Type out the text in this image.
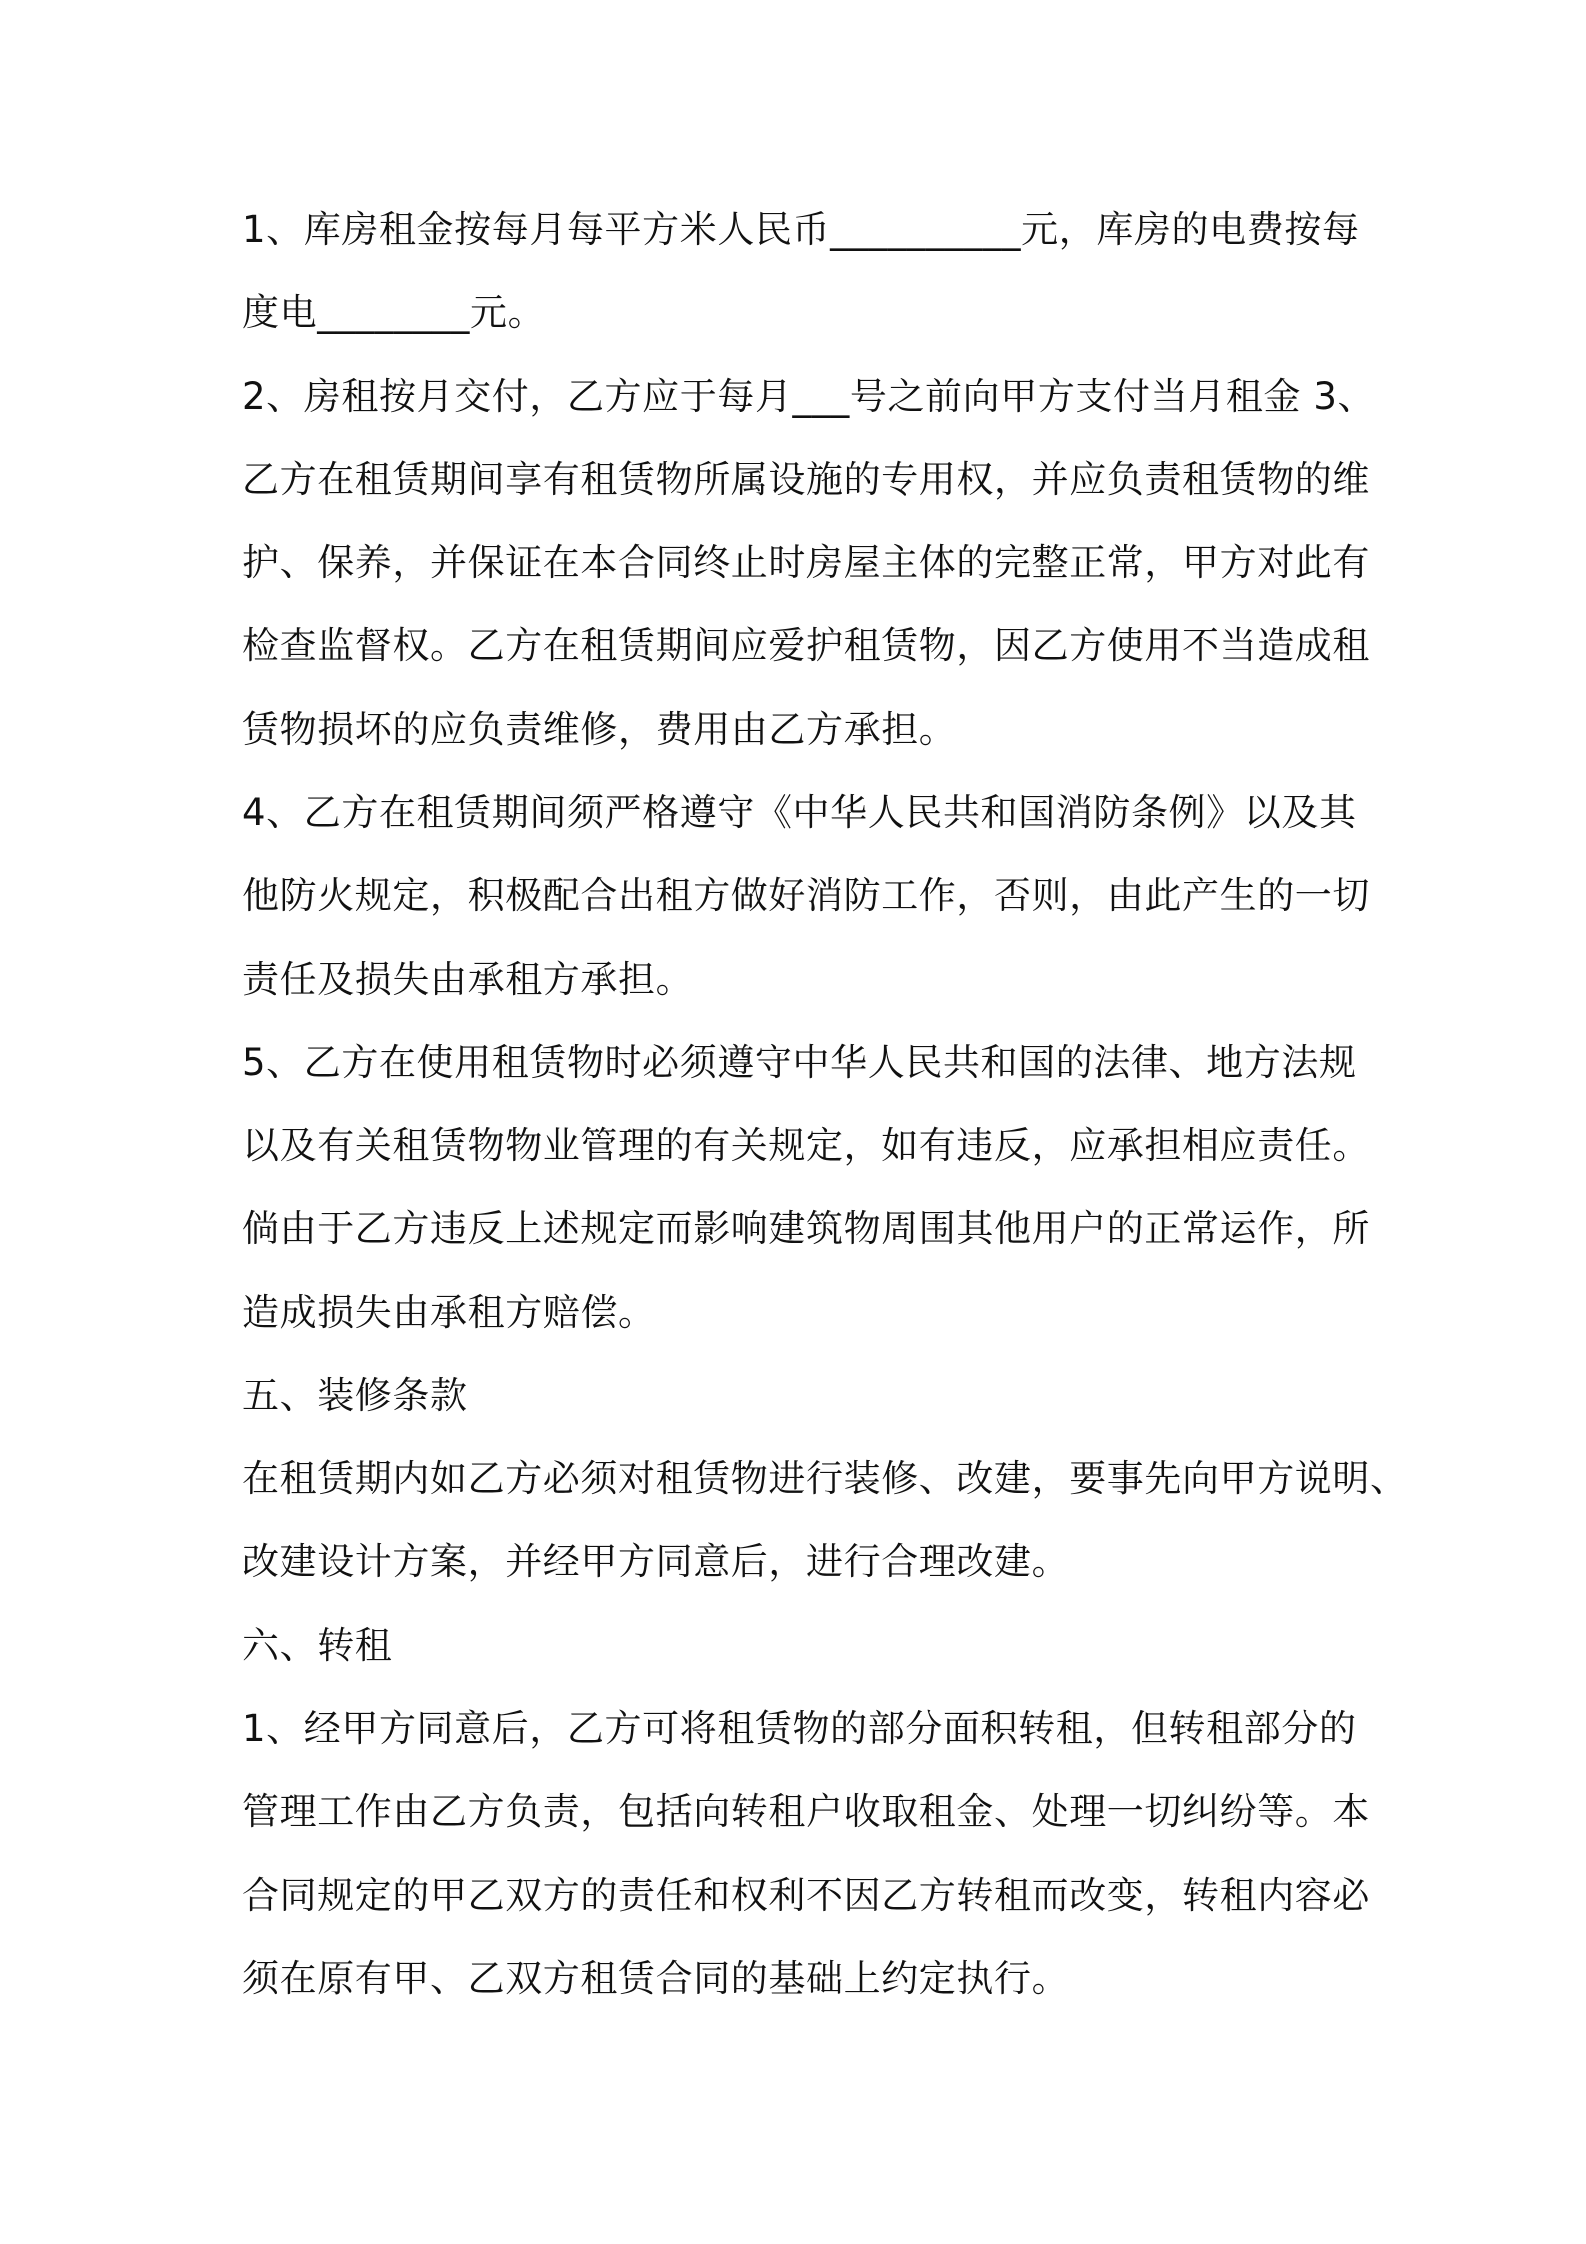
1、库房租金按每月每平方米人民币__________元，库房的电费按每
度电________元。
2、房租按月交付，乙方应于每月___号之前向甲方支付当月租金 3、
乙方在租赁期间享有租赁物所属设施的专用权，并应负责租赁物的维
护、保养，并保证在本合同终止时房屋主体的完整正常，甲方对此有
检查监督权。乙方在租赁期间应爱护租赁物，因乙方使用不当造成租
赁物损坏的应负责维修，费用由乙方承担。
4、乙方在租赁期间须严格遵守《中华人民共和国消防条例》以及其
他防火规定，积极配合出租方做好消防工作，否则，由此产生的一切
责任及损失由承租方承担。
5、乙方在使用租赁物时必须遵守中华人民共和国的法律、地方法规
以及有关租赁物物业管理的有关规定，如有违反，应承担相应责任。
倘由于乙方违反上述规定而影响建筑物周围其他用户的正常运作，所
造成损失由承租方赔偿。
五、装修条款
在租赁期内如乙方必须对租赁物进行装修、改建，要事先向甲方说明、
改建设计方案，并经甲方同意后，进行合理改建。
六、转租
1、经甲方同意后，乙方可将租赁物的部分面积转租，但转租部分的
管理工作由乙方负责，包括向转租户收取租金、处理一切纠纷等。本
合同规定的甲乙双方的责任和权利不因乙方转租而改变，转租内容必
须在原有甲、乙双方租赁合同的基础上约定执行。
